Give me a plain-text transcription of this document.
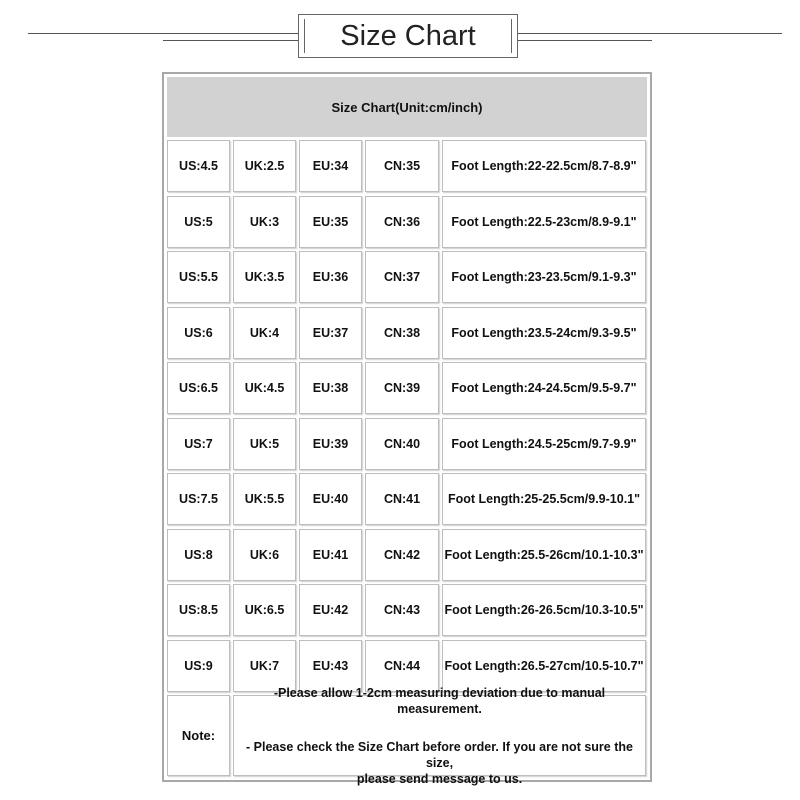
Size Chart
Size Chart(Unit:cm/inch)
US:4.5	UK:2.5	EU:34	CN:35	Foot Length:22-22.5cm/8.7-8.9"
US:5	UK:3	EU:35	CN:36	Foot Length:22.5-23cm/8.9-9.1"
US:5.5	UK:3.5	EU:36	CN:37	Foot Length:23-23.5cm/9.1-9.3"
US:6	UK:4	EU:37	CN:38	Foot Length:23.5-24cm/9.3-9.5"
US:6.5	UK:4.5	EU:38	CN:39	Foot Length:24-24.5cm/9.5-9.7"
US:7	UK:5	EU:39	CN:40	Foot Length:24.5-25cm/9.7-9.9"
US:7.5	UK:5.5	EU:40	CN:41	Foot Length:25-25.5cm/9.9-10.1"
US:8	UK:6	EU:41	CN:42	Foot Length:25.5-26cm/10.1-10.3"
US:8.5	UK:6.5	EU:42	CN:43	Foot Length:26-26.5cm/10.3-10.5"
US:9	UK:7	EU:43	CN:44	Foot Length:26.5-27cm/10.5-10.7"
Note:
-Please allow 1-2cm measuring deviation due to manual measurement.
- Please check the Size Chart before order. If you are not sure the size,
please send message to us.
